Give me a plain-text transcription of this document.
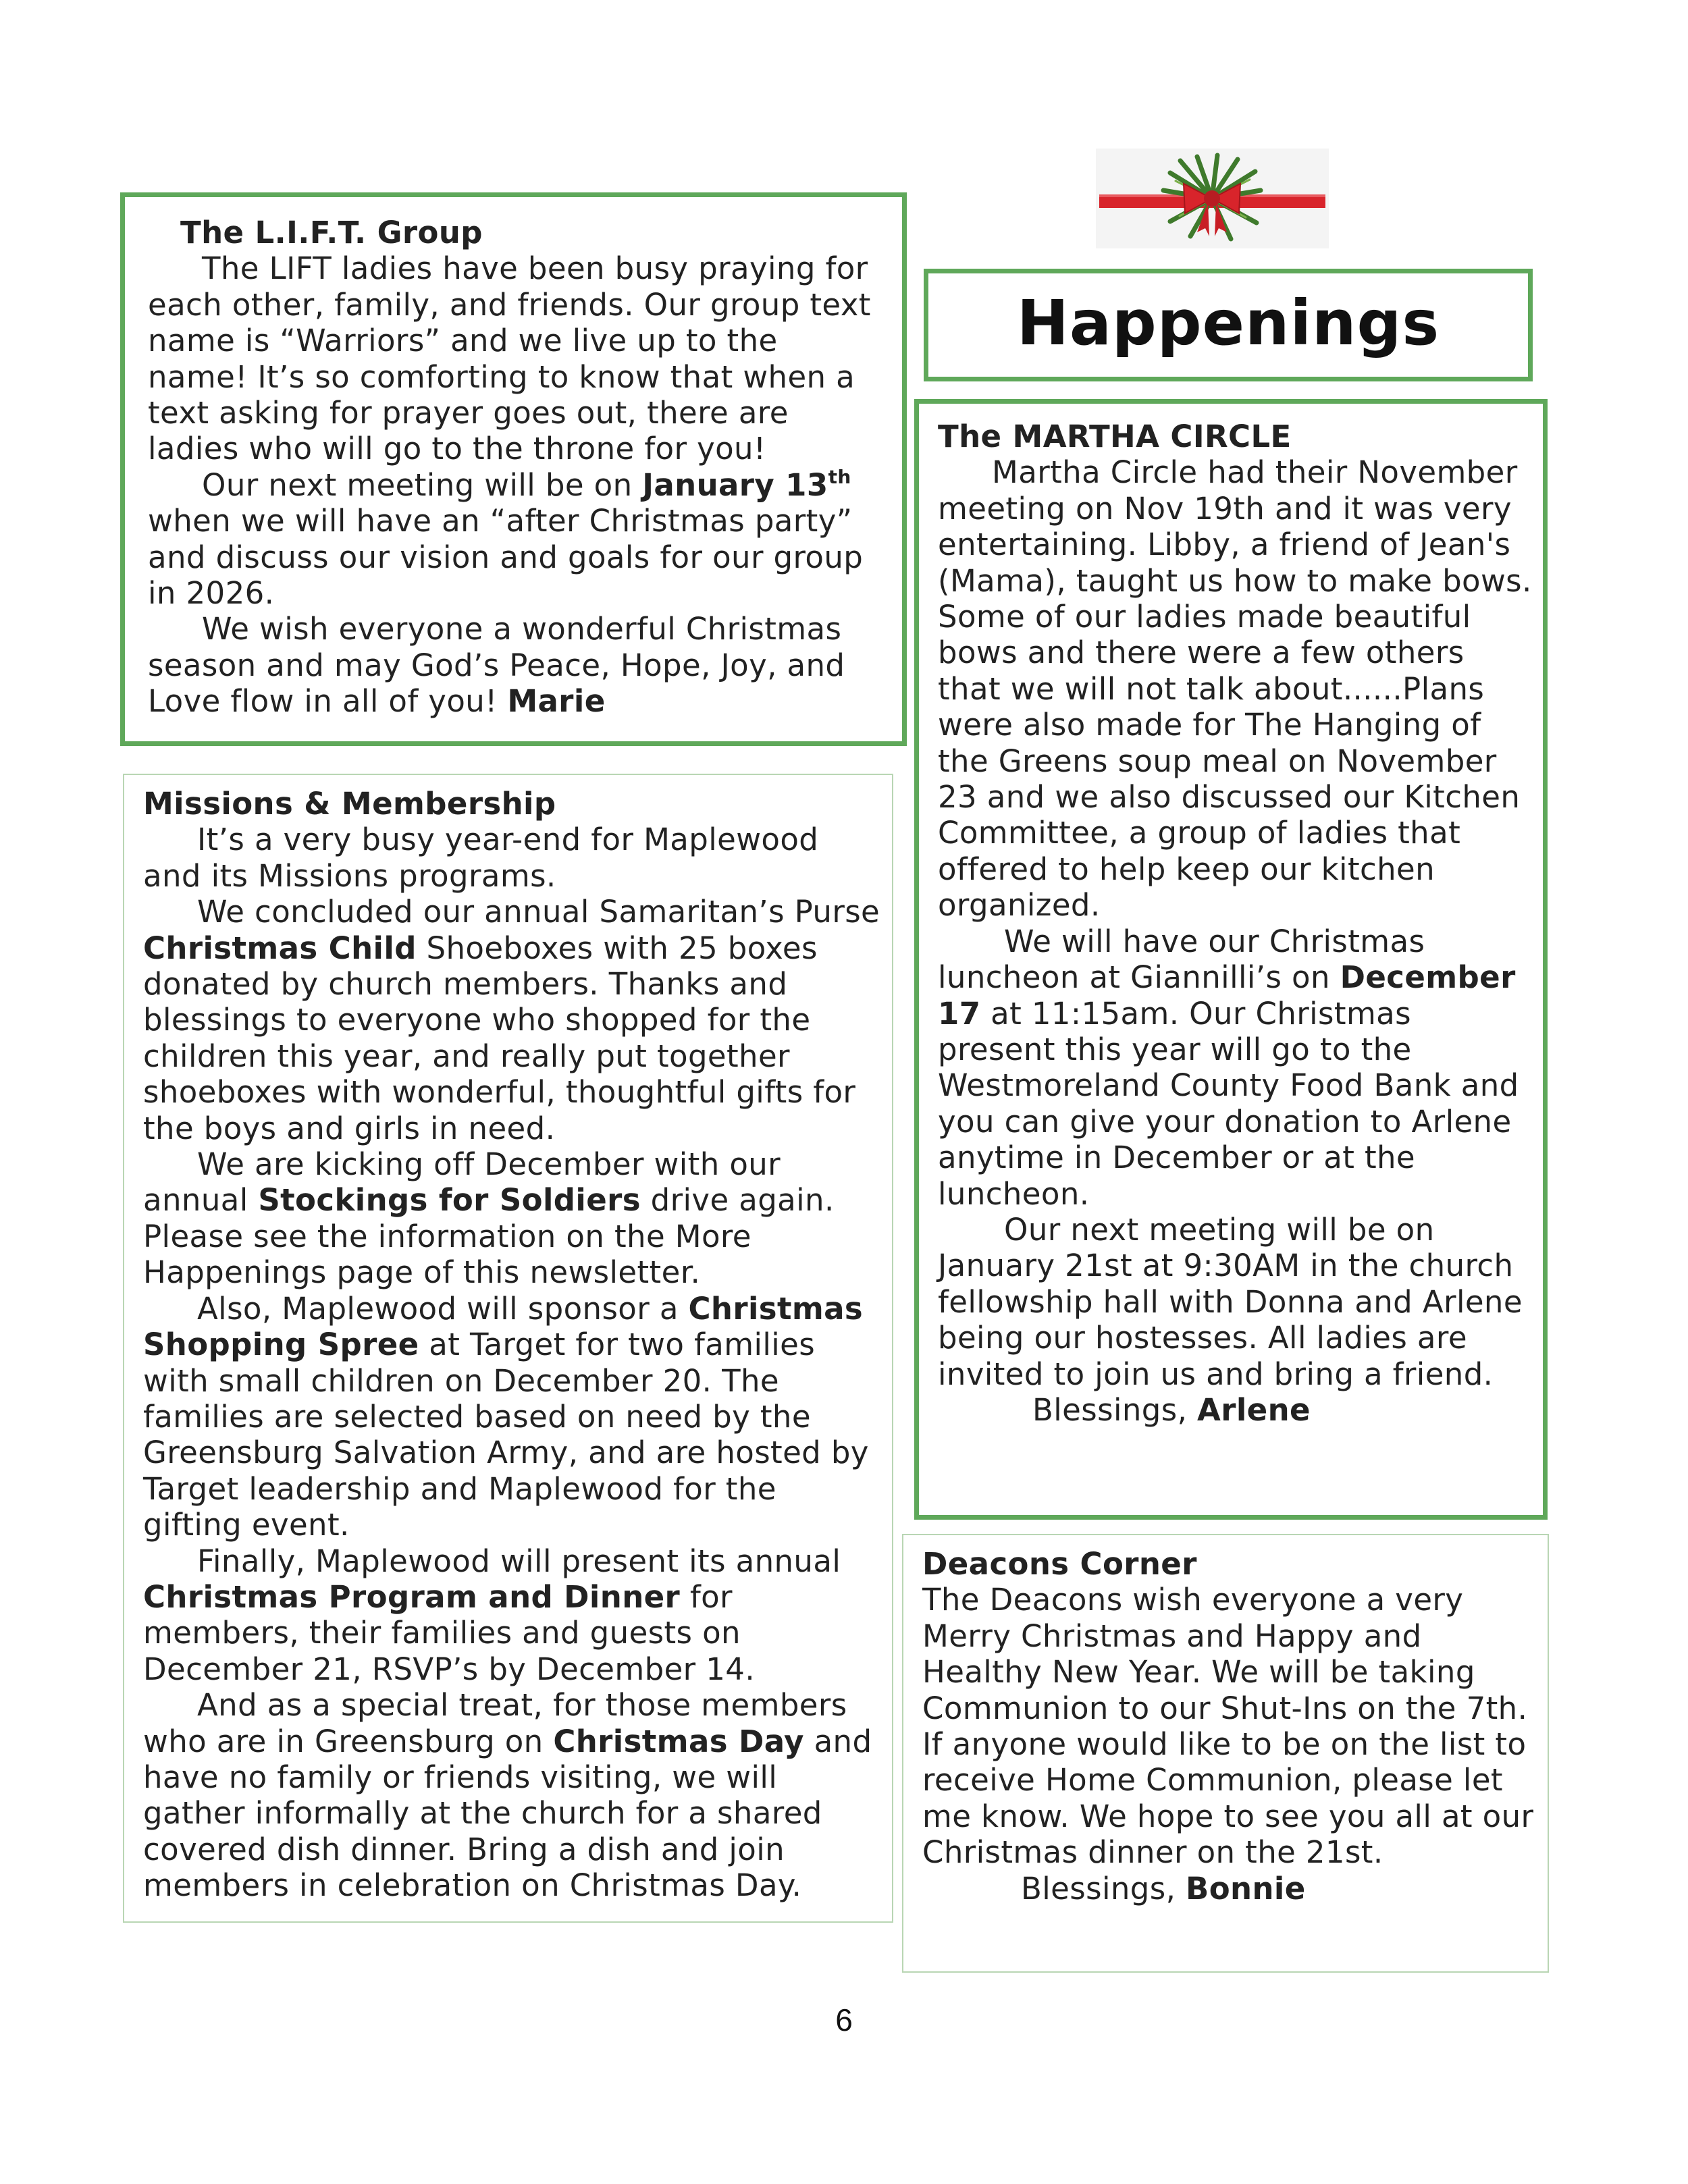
The L.I.F.T. Group

The LIFT ladies have been busy praying for each other, family, and friends. Our group text name is “Warriors” and we live up to the name! It’s so comforting to know that when a text asking for prayer goes out, there are ladies who will go to the throne for you!

Our next meeting will be on January 13th when we will have an “after Christmas party” and discuss our vision and goals for our group in 2026.

We wish everyone a wonderful Christmas season and may God’s Peace, Hope, Joy, and Love flow in all of you! Marie

Missions & Membership

It’s a very busy year-end for Maplewood and its Missions programs.

We concluded our annual Samaritan’s Purse Christmas Child Shoeboxes with 25 boxes donated by church members. Thanks and blessings to everyone who shopped for the children this year, and really put together shoeboxes with wonderful, thoughtful gifts for the boys and girls in need.

We are kicking off December with our annual Stockings for Soldiers drive again. Please see the information on the More Happenings page of this newsletter.

Also, Maplewood will sponsor a Christmas Shopping Spree at Target for two families with small children on December 20. The families are selected based on need by the Greensburg Salvation Army, and are hosted by Target leadership and Maplewood for the gifting event.

Finally, Maplewood will present its annual Christmas Program and Dinner for members, their families and guests on December 21, RSVP’s by December 14.

And as a special treat, for those members who are in Greensburg on Christmas Day and have no family or friends visiting, we will gather informally at the church for a shared covered dish dinner. Bring a dish and join members in celebration on Christmas Day.

Happenings

The MARTHA CIRCLE

Martha Circle had their November meeting on Nov 19th and it was very entertaining. Libby, a friend of Jean's (Mama), taught us how to make bows. Some of our ladies made beautiful bows and there were a few others that we will not talk about......Plans were also made for The Hanging of the Greens soup meal on November 23 and we also discussed our Kitchen Committee, a group of ladies that offered to help keep our kitchen organized.

We will have our Christmas luncheon at Giannilli’s on December 17 at 11:15am. Our Christmas present this year will go to the Westmoreland County Food Bank and you can give your donation to Arlene anytime in December or at the luncheon.

Our next meeting will be on January 21st at 9:30AM in the church fellowship hall with Donna and Arlene being our hostesses. All ladies are invited to join us and bring a friend.

Blessings, Arlene

Deacons Corner

The Deacons wish everyone a very Merry Christmas and Happy and Healthy New Year. We will be taking Communion to our Shut-Ins on the 7th. If anyone would like to be on the list to receive Home Communion, please let me know. We hope to see you all at our Christmas dinner on the 21st.

Blessings, Bonnie

6
